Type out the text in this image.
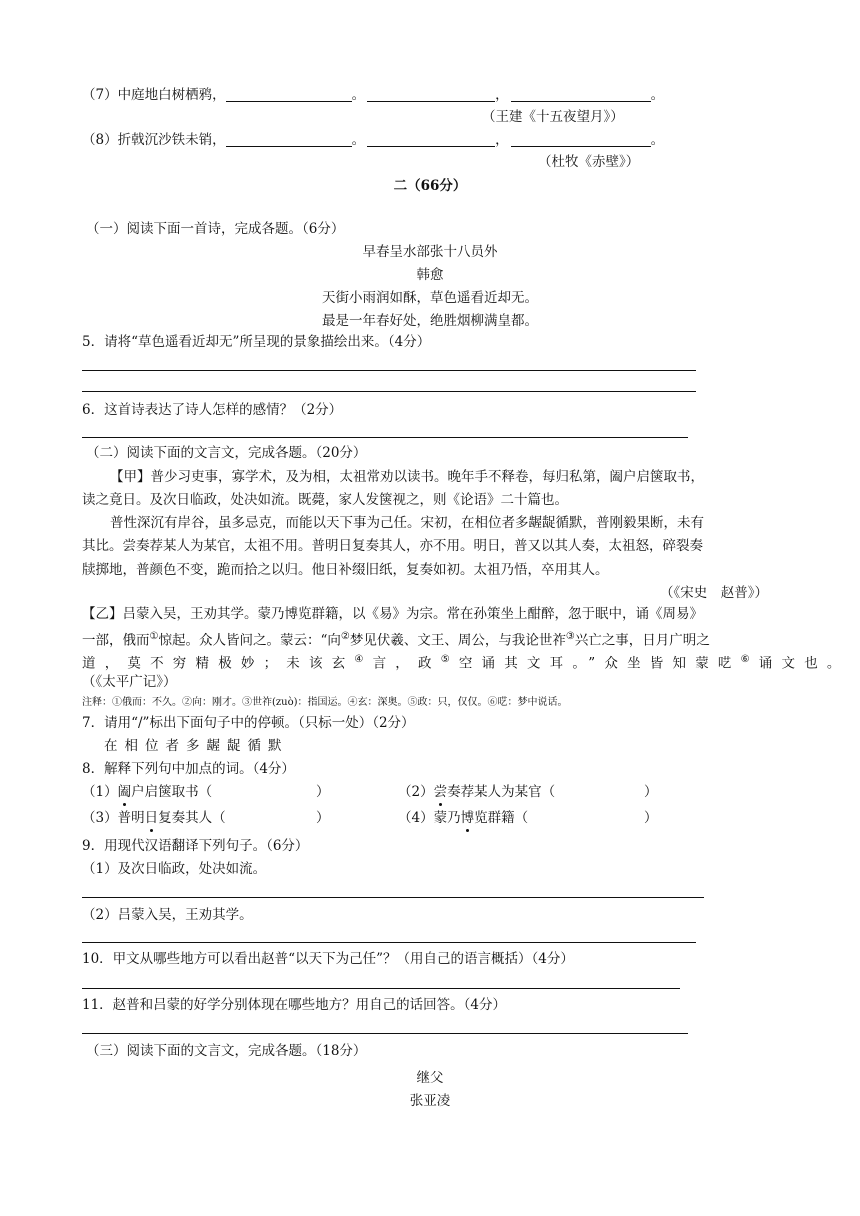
（7）中庭地白树栖鸦，	。	，	。
（王建《十五夜望月》）
（8）折戟沉沙铁未销，	。	，	。
（杜牧《赤壁》）
二（66分）
（一）阅读下面一首诗，完成各题。（6分）
早春呈水部张十八员外
韩愈
天街小雨润如酥，草色遥看近却无。
最是一年春好处，绝胜烟柳满皇都。
5．请将“草色遥看近却无”所呈现的景象描绘出来。（4分）
6．这首诗表达了诗人怎样的感情？（2分）
（二）阅读下面的文言文，完成各题。（20分）
【甲】普少习吏事，寡学术，及为相，太祖常劝以读书。晚年手不释卷，每归私第，阖户启箧取书，
读之竟日。及次日临政，处决如流。既薨，家人发箧视之，则《论语》二十篇也。
普性深沉有岸谷，虽多忌克，而能以天下事为己任。宋初，在相位者多龌龊循默，普刚毅果断，未有
其比。尝奏荐某人为某官，太祖不用。普明日复奏其人，亦不用。明日，普又以其人奏，太祖怒，碎裂奏
牍掷地，普颜色不变，跪而拾之以归。他日补缀旧纸，复奏如初。太祖乃悟，卒用其人。
（《宋史　赵普》）
【乙】吕蒙入吴，王劝其学。蒙乃博览群籍，以《易》为宗。常在孙策坐上酣醉，忽于眠中，诵《周易》
一部，俄而①惊起。众人皆问之。蒙云：“向②梦见伏羲、文王、周公，与我论世祚③兴亡之事，日月广明之
道，莫不穷精极妙；未该玄④言，政⑤空诵其文耳。”众坐皆知蒙呓⑥诵文也。
（《太平广记》）
注释：①俄而：不久。②向：刚才。③世祚(zuò)：指国运。④玄：深奥。⑤政：只，仅仅。⑥呓：梦中说话。
7．请用“/”标出下面句子中的停顿。（只标一处）（2分）
在相位者多龌龊循默
8．解释下列句中加点的词。（4分）
（1）阖户启箧取书（	）	（2）尝奏荐某人为某官（	）
（3）普明日复奏其人（	）	（4）蒙乃博览群籍（	）
9．用现代汉语翻译下列句子。（6分）
（1）及次日临政，处决如流。
（2）吕蒙入吴，王劝其学。
10．甲文从哪些地方可以看出赵普“以天下为己任”？（用自己的语言概括）（4分）
11．赵普和吕蒙的好学分别体现在哪些地方？用自己的话回答。（4分）
（三）阅读下面的文言文，完成各题。（18分）
继父
张亚凌
